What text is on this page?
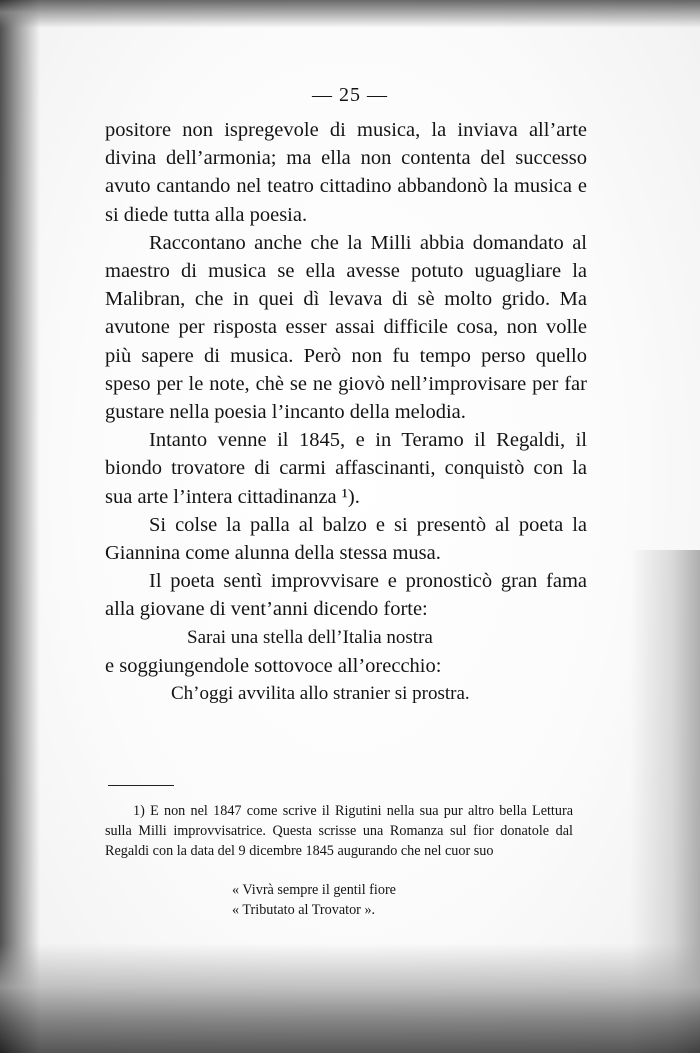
— 25 —

positore non ispregevole di musica, la inviava all’arte divina dell’armonia; ma ella non contenta del successo avuto cantando nel teatro cittadino abbandonò la musica e si diede tutta alla poesia.

Raccontano anche che la Milli abbia domandato al maestro di musica se ella avesse potuto uguagliare la Malibran, che in quei dì levava di sè molto grido. Ma avutone per risposta esser assai difficile cosa, non volle più sapere di musica. Però non fu tempo perso quello speso per le note, chè se ne giovò nell’improvisare per far gustare nella poesia l’incanto della melodia.

Intanto venne il 1845, e in Teramo il Regaldi, il biondo trovatore di carmi affascinanti, conquistò con la sua arte l’intera cittadinanza ¹).

Si colse la palla al balzo e si presentò al poeta la Giannina come alunna della stessa musa.

Il poeta sentì improvvisare e pronosticò gran fama alla giovane di vent’anni dicendo forte:

Sarai una stella dell’Italia nostra

e soggiungendole sottovoce all’orecchio:

Ch’oggi avvilita allo stranier si prostra.

1) E non nel 1847 come scrive il Rigutini nella sua pur altro bella Lettura sulla Milli improvvisatrice. Questa scrisse una Romanza sul fior donatole dal Regaldi con la data del 9 dicembre 1845 augurando che nel cuor suo

« Vivrà sempre il gentil fiore
« Tributato al Trovator ».
